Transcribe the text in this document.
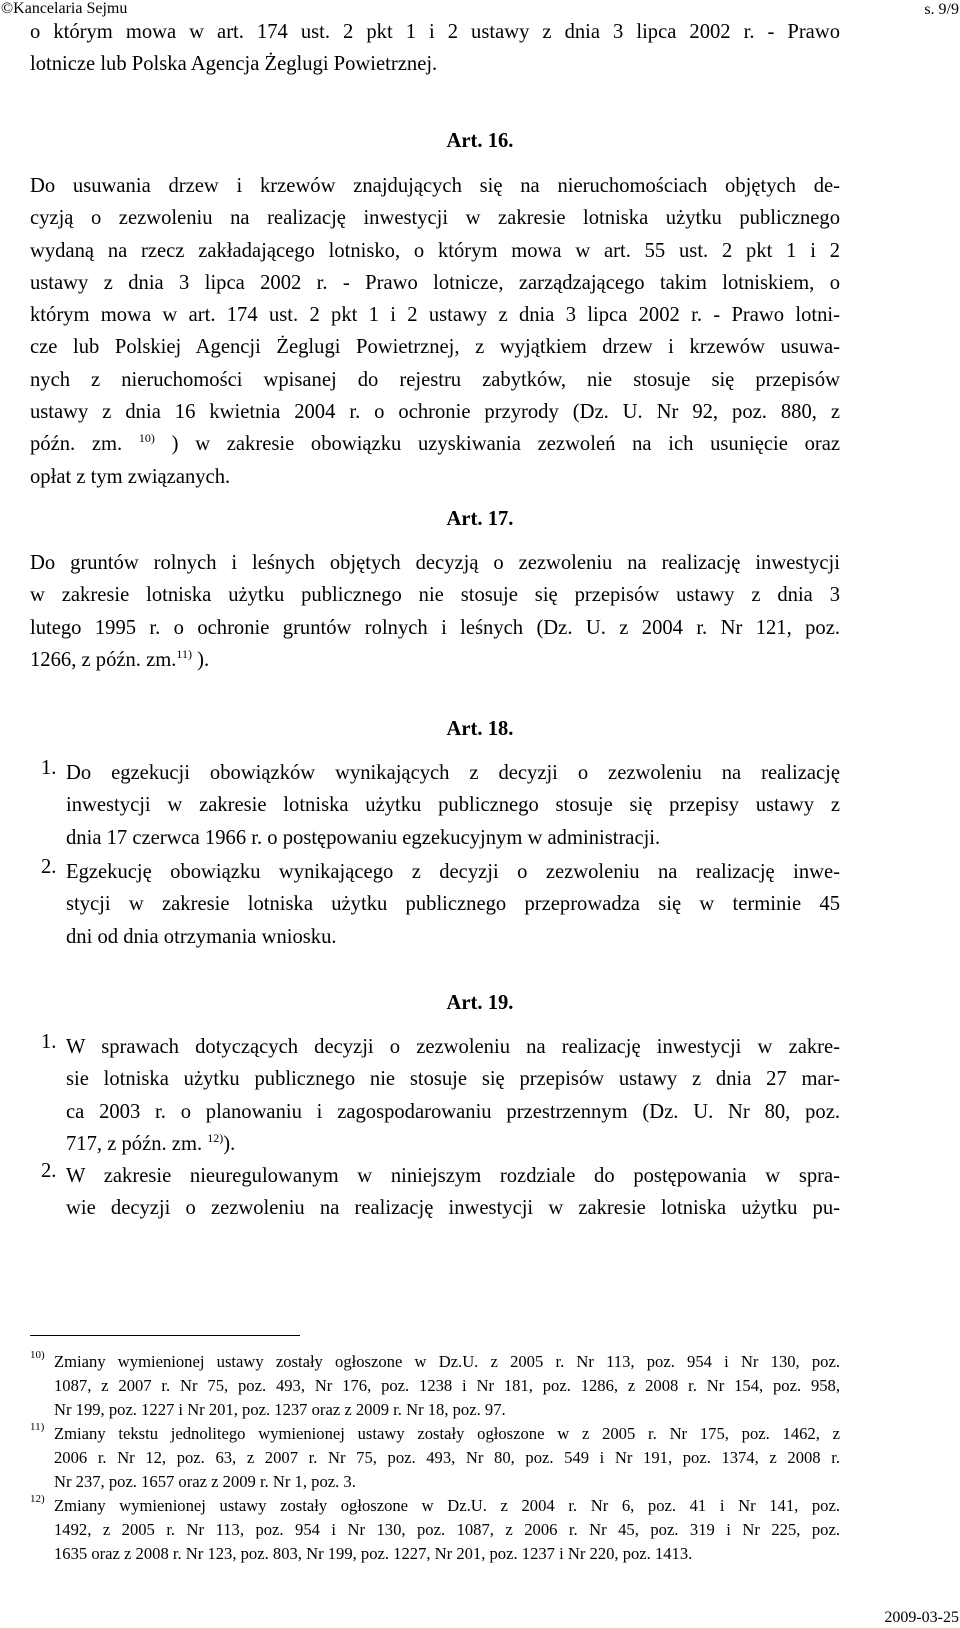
©Kancelaria Sejmu	s. 9/9
o którym mowa w art. 174 ust. 2 pkt 1 i 2 ustawy z dnia 3 lipca 2002 r. - Prawo
lotnicze lub Polska Agencja Żeglugi Powietrznej.
Art. 16.
Do usuwania drzew i krzewów znajdujących się na nieruchomościach objętych de-
cyzją o zezwoleniu na realizację inwestycji w zakresie lotniska użytku publicznego
wydaną na rzecz zakładającego lotnisko, o którym mowa w art. 55 ust. 2 pkt 1 i 2
ustawy z dnia 3 lipca 2002 r. - Prawo lotnicze, zarządzającego takim lotniskiem, o
którym mowa w art. 174 ust. 2 pkt 1 i 2 ustawy z dnia 3 lipca 2002 r. - Prawo lotni-
cze lub Polskiej Agencji Żeglugi Powietrznej, z wyjątkiem drzew i krzewów usuwa-
nych z nieruchomości wpisanej do rejestru zabytków, nie stosuje się przepisów
ustawy z dnia 16 kwietnia 2004 r. o ochronie przyrody (Dz. U. Nr 92, poz. 880, z
późn. zm. $^{10)}$ ) w zakresie obowiązku uzyskiwania zezwoleń na ich usunięcie oraz
opłat z tym związanych.
Art. 17.
Do gruntów rolnych i leśnych objętych decyzją o zezwoleniu na realizację inwestycji
w zakresie lotniska użytku publicznego nie stosuje się przepisów ustawy z dnia 3
lutego 1995 r. o ochronie gruntów rolnych i leśnych (Dz. U. z 2004 r. Nr 121, poz.
1266, z późn. zm.$^{11)}$ ).
Art. 18.
1. Do egzekucji obowiązków wynikających z decyzji o zezwoleniu na realizację
inwestycji w zakresie lotniska użytku publicznego stosuje się przepisy ustawy z
dnia 17 czerwca 1966 r. o postępowaniu egzekucyjnym w administracji.
2. Egzekucję obowiązku wynikającego z decyzji o zezwoleniu na realizację inwe-
stycji w zakresie lotniska użytku publicznego przeprowadza się w terminie 45
dni od dnia otrzymania wniosku.
Art. 19.
1. W sprawach dotyczących decyzji o zezwoleniu na realizację inwestycji w zakre-
sie lotniska użytku publicznego nie stosuje się przepisów ustawy z dnia 27 mar-
ca 2003 r. o planowaniu i zagospodarowaniu przestrzennym (Dz. U. Nr 80, poz.
717, z późn. zm. $^{12)}$).
2. W zakresie nieuregulowanym w niniejszym rozdziale do postępowania w spra-
wie decyzji o zezwoleniu na realizację inwestycji w zakresie lotniska użytku pu-
10) Zmiany wymienionej ustawy zostały ogłoszone w Dz.U. z 2005 r. Nr 113, poz. 954 i Nr 130, poz.
1087, z 2007 r. Nr 75, poz. 493, Nr 176, poz. 1238 i Nr 181, poz. 1286, z 2008 r. Nr 154, poz. 958,
Nr 199, poz. 1227 i Nr 201, poz. 1237 oraz z 2009 r. Nr 18, poz. 97.
11) Zmiany tekstu jednolitego wymienionej ustawy zostały ogłoszone w z 2005 r. Nr 175, poz. 1462, z
2006 r. Nr 12, poz. 63, z 2007 r. Nr 75, poz. 493, Nr 80, poz. 549 i Nr 191, poz. 1374, z 2008 r.
Nr 237, poz. 1657 oraz z 2009 r. Nr 1, poz. 3.
12) Zmiany wymienionej ustawy zostały ogłoszone w Dz.U. z 2004 r. Nr 6, poz. 41 i Nr 141, poz.
1492, z 2005 r. Nr 113, poz. 954 i Nr 130, poz. 1087, z 2006 r. Nr 45, poz. 319 i Nr 225, poz.
1635 oraz z 2008 r. Nr 123, poz. 803, Nr 199, poz. 1227, Nr 201, poz. 1237 i Nr 220, poz. 1413.
2009-03-25
